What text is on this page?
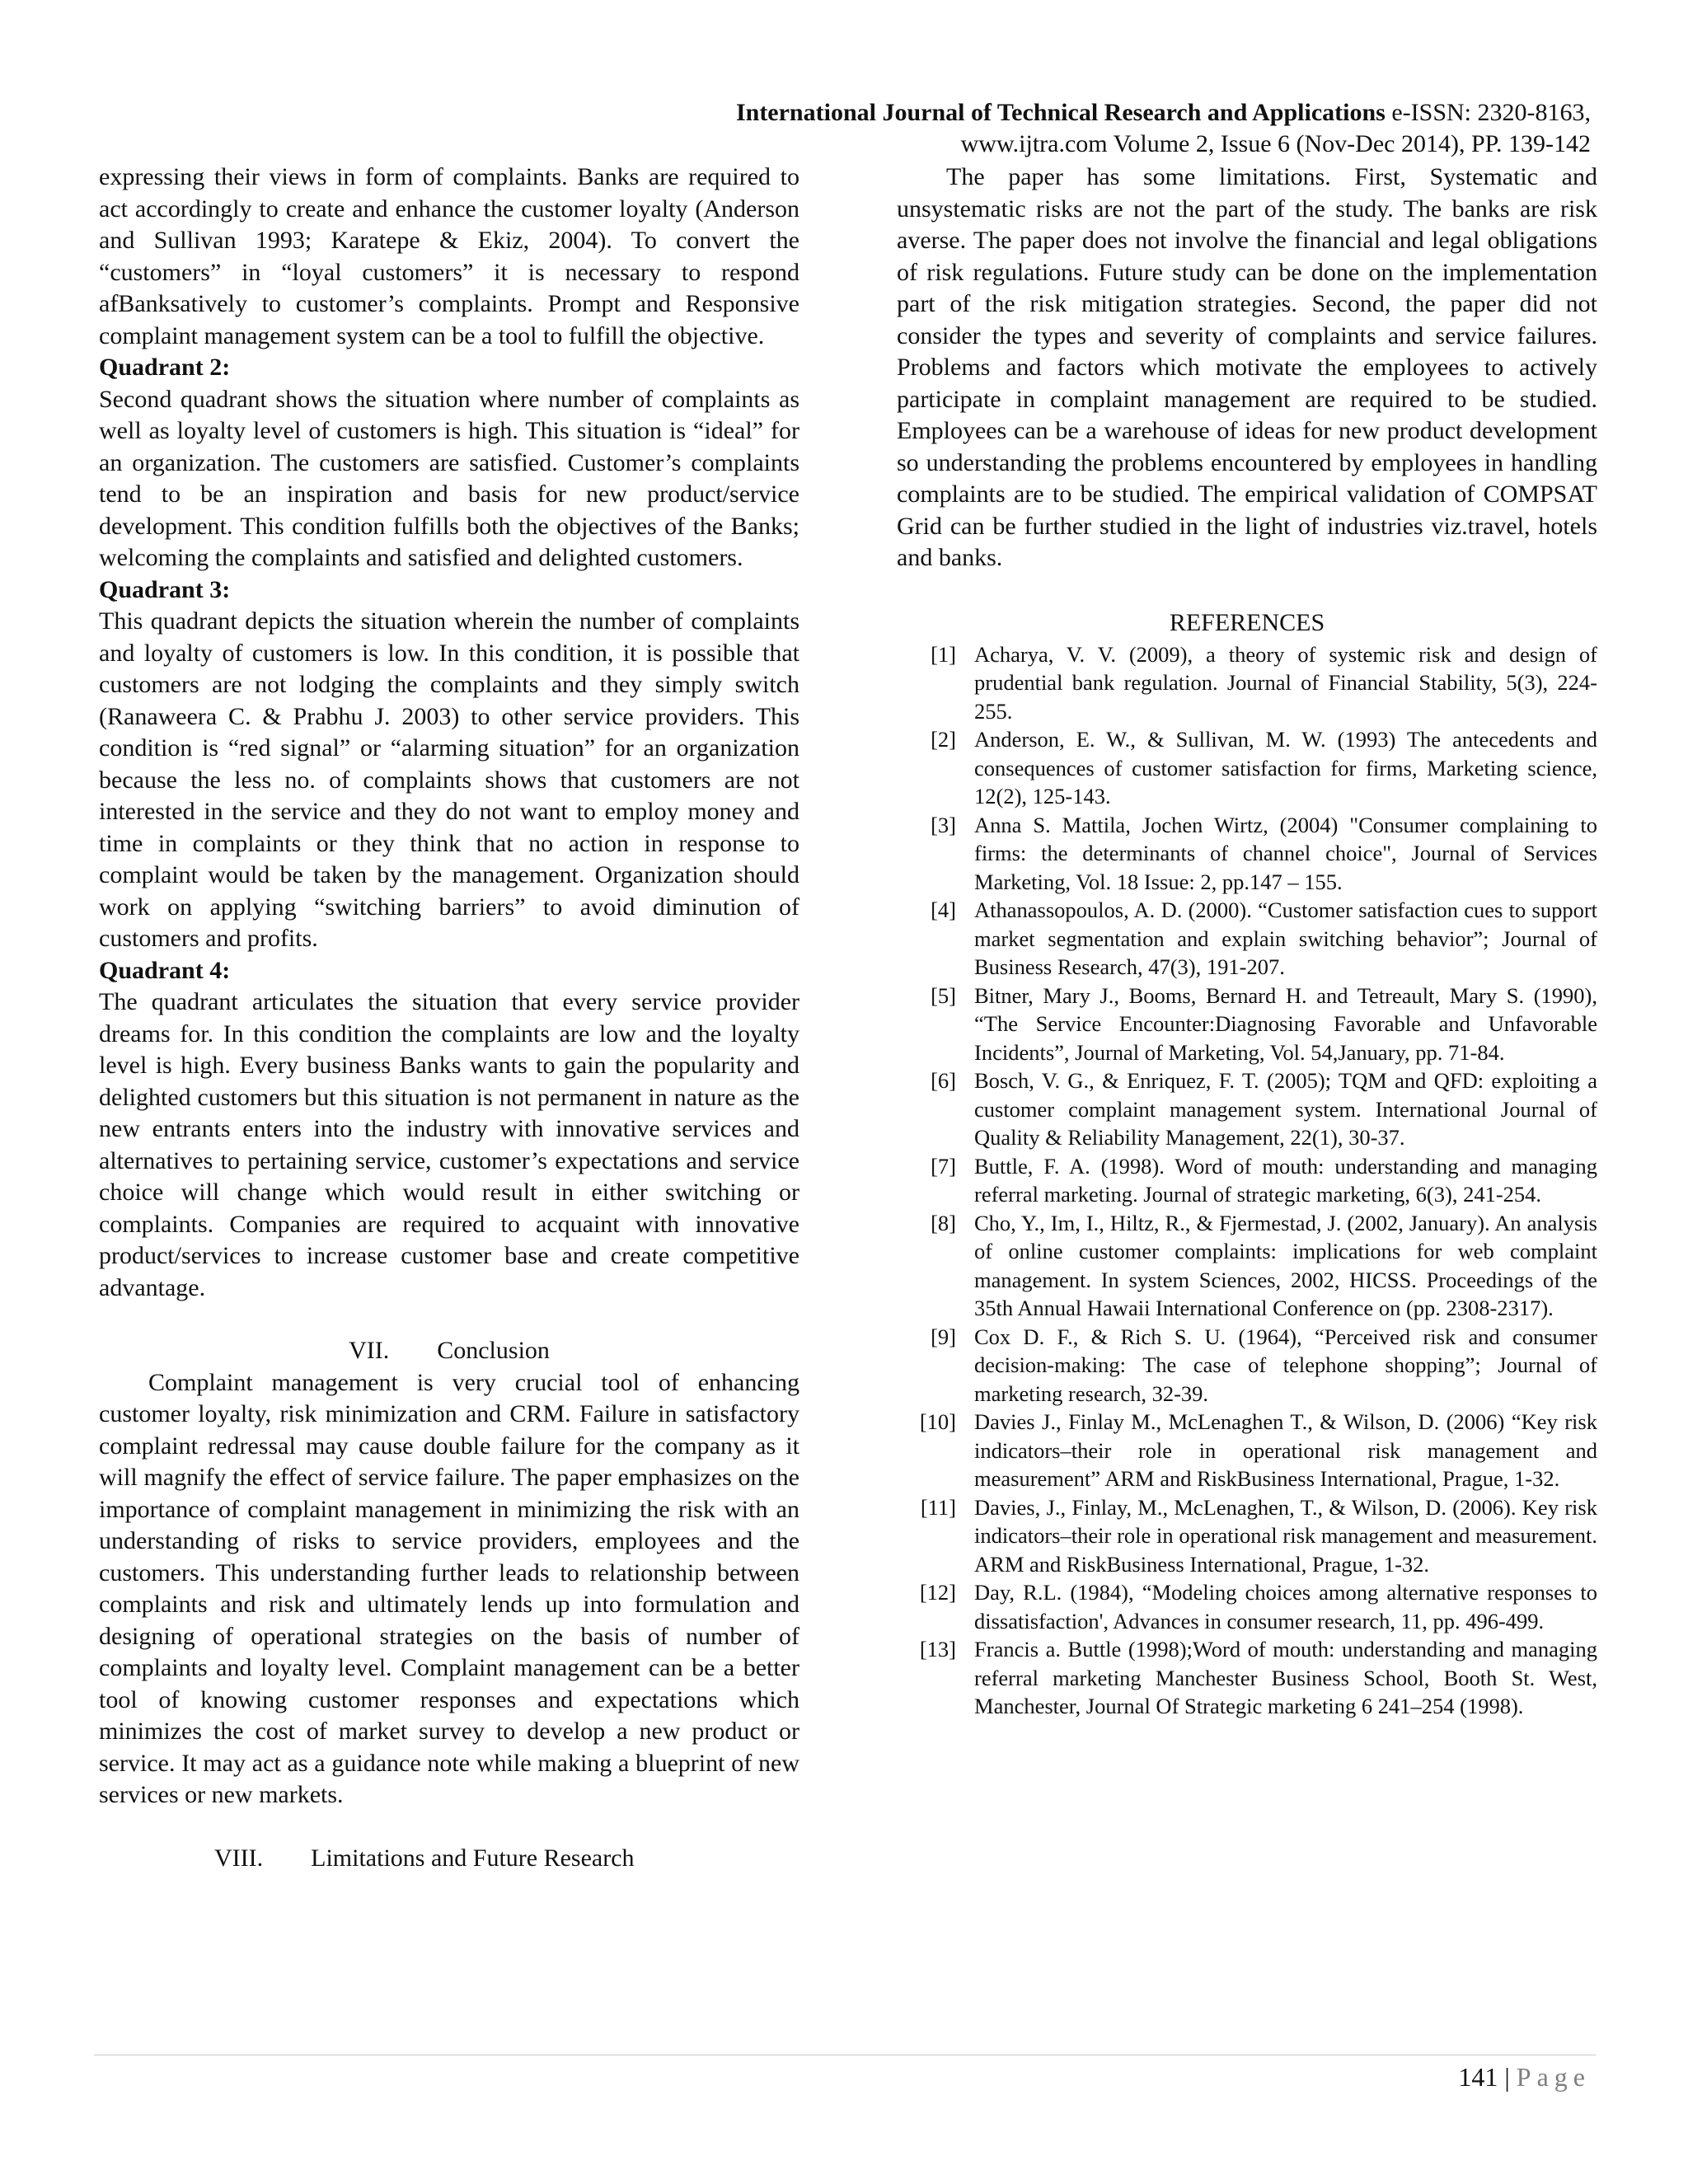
International Journal of Technical Research and Applications e-ISSN: 2320-8163,
www.ijtra.com Volume 2, Issue 6 (Nov-Dec 2014), PP. 139-142

expressing their views in form of complaints. Banks are required to act accordingly to create and enhance the customer loyalty (Anderson and Sullivan 1993; Karatepe & Ekiz, 2004). To convert the “customers” in “loyal customers” it is necessary to respond afBanksatively to customer’s complaints. Prompt and Responsive complaint management system can be a tool to fulfill the objective.

Quadrant 2:

Second quadrant shows the situation where number of complaints as well as loyalty level of customers is high. This situation is “ideal” for an organization. The customers are satisfied. Customer’s complaints tend to be an inspiration and basis for new product/service development. This condition fulfills both the objectives of the Banks; welcoming the complaints and satisfied and delighted customers.

Quadrant 3:

This quadrant depicts the situation wherein the number of complaints and loyalty of customers is low. In this condition, it is possible that customers are not lodging the complaints and they simply switch (Ranaweera C. & Prabhu J. 2003) to other service providers. This condition is “red signal” or “alarming situation” for an organization because the less no. of complaints shows that customers are not interested in the service and they do not want to employ money and time in complaints or they think that no action in response to complaint would be taken by the management. Organization should work on applying “switching barriers” to avoid diminution of customers and profits.

Quadrant 4:

The quadrant articulates the situation that every service provider dreams for. In this condition the complaints are low and the loyalty level is high. Every business Banks wants to gain the popularity and delighted customers but this situation is not permanent in nature as the new entrants enters into the industry with innovative services and alternatives to pertaining service, customer’s expectations and service choice will change which would result in either switching or complaints. Companies are required to acquaint with innovative product/services to increase customer base and create competitive advantage.

VII. Conclusion

Complaint management is very crucial tool of enhancing customer loyalty, risk minimization and CRM. Failure in satisfactory complaint redressal may cause double failure for the company as it will magnify the effect of service failure. The paper emphasizes on the importance of complaint management in minimizing the risk with an understanding of risks to service providers, employees and the customers. This understanding further leads to relationship between complaints and risk and ultimately lends up into formulation and designing of operational strategies on the basis of number of complaints and loyalty level. Complaint management can be a better tool of knowing customer responses and expectations which minimizes the cost of market survey to develop a new product or service. It may act as a guidance note while making a blueprint of new services or new markets.

VIII. Limitations and Future Research

The paper has some limitations. First, Systematic and unsystematic risks are not the part of the study. The banks are risk averse. The paper does not involve the financial and legal obligations of risk regulations. Future study can be done on the implementation part of the risk mitigation strategies. Second, the paper did not consider the types and severity of complaints and service failures. Problems and factors which motivate the employees to actively participate in complaint management are required to be studied. Employees can be a warehouse of ideas for new product development so understanding the problems encountered by employees in handling complaints are to be studied. The empirical validation of COMPSAT Grid can be further studied in the light of industries viz.travel, hotels and banks.

REFERENCES

[1] Acharya, V. V. (2009), a theory of systemic risk and design of prudential bank regulation. Journal of Financial Stability, 5(3), 224-255.
[2] Anderson, E. W., & Sullivan, M. W. (1993) The antecedents and consequences of customer satisfaction for firms, Marketing science, 12(2), 125-143.
[3] Anna S. Mattila, Jochen Wirtz, (2004) "Consumer complaining to firms: the determinants of channel choice", Journal of Services Marketing, Vol. 18 Issue: 2, pp.147 – 155.
[4] Athanassopoulos, A. D. (2000). “Customer satisfaction cues to support market segmentation and explain switching behavior”; Journal of Business Research, 47(3), 191-207.
[5] Bitner, Mary J., Booms, Bernard H. and Tetreault, Mary S. (1990), “The Service Encounter:Diagnosing Favorable and Unfavorable Incidents”, Journal of Marketing, Vol. 54,January, pp. 71-84.
[6] Bosch, V. G., & Enriquez, F. T. (2005); TQM and QFD: exploiting a customer complaint management system. International Journal of Quality & Reliability Management, 22(1), 30-37.
[7] Buttle, F. A. (1998). Word of mouth: understanding and managing referral marketing. Journal of strategic marketing, 6(3), 241-254.
[8] Cho, Y., Im, I., Hiltz, R., & Fjermestad, J. (2002, January). An analysis of online customer complaints: implications for web complaint management. In system Sciences, 2002, HICSS. Proceedings of the 35th Annual Hawaii International Conference on (pp. 2308-2317).
[9] Cox D. F., & Rich S. U. (1964), “Perceived risk and consumer decision-making: The case of telephone shopping”; Journal of marketing research, 32-39.
[10] Davies J., Finlay M., McLenaghen T., & Wilson, D. (2006) “Key risk indicators–their role in operational risk management and measurement” ARM and RiskBusiness International, Prague, 1-32.
[11] Davies, J., Finlay, M., McLenaghen, T., & Wilson, D. (2006). Key risk indicators–their role in operational risk management and measurement. ARM and RiskBusiness International, Prague, 1-32.
[12] Day, R.L. (1984), “Modeling choices among alternative responses to dissatisfaction', Advances in consumer research, 11, pp. 496-499.
[13] Francis a. Buttle (1998);Word of mouth: understanding and managing referral marketing Manchester Business School, Booth St. West, Manchester, Journal Of Strategic marketing 6 241–254 (1998).
141 | Page
